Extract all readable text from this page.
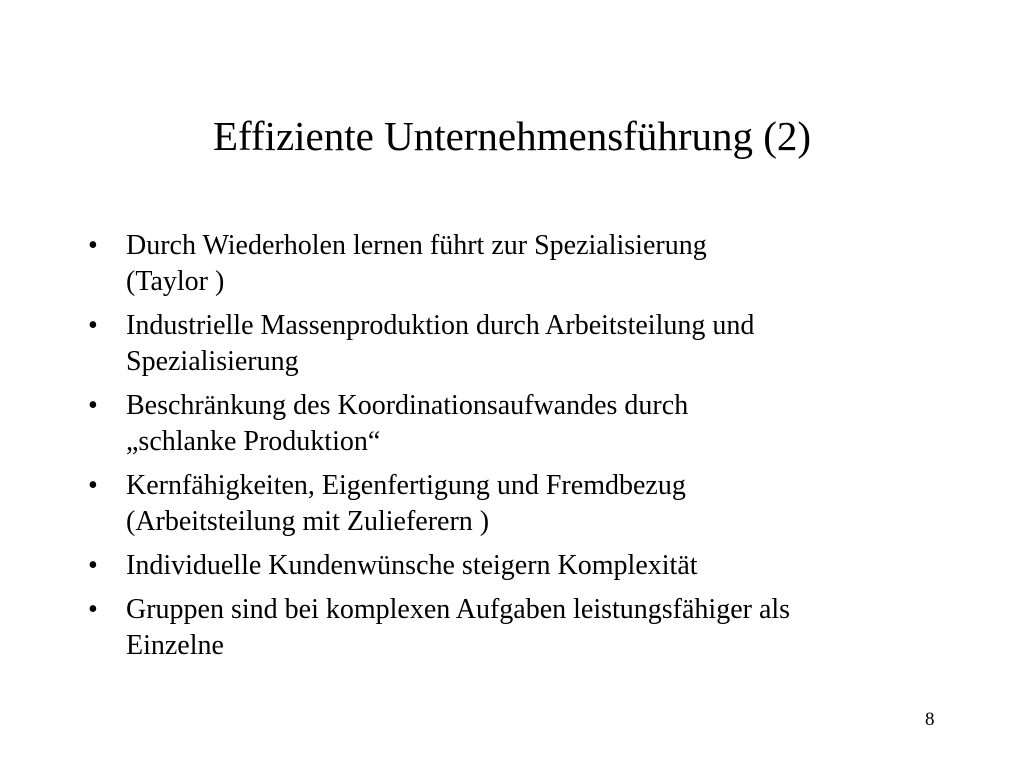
Effiziente Unternehmensführung (2)
•	Durch Wiederholen lernen führt zur Spezialisierung
(Taylor )
•	Industrielle Massenproduktion durch Arbeitsteilung und
Spezialisierung
•	Beschränkung des Koordinationsaufwandes durch
„schlanke Produktion“
•	Kernfähigkeiten, Eigenfertigung und Fremdbezug
(Arbeitsteilung mit Zulieferern )
•	Individuelle Kundenwünsche steigern Komplexität
•	Gruppen sind bei komplexen Aufgaben leistungsfähiger als
Einzelne
8
